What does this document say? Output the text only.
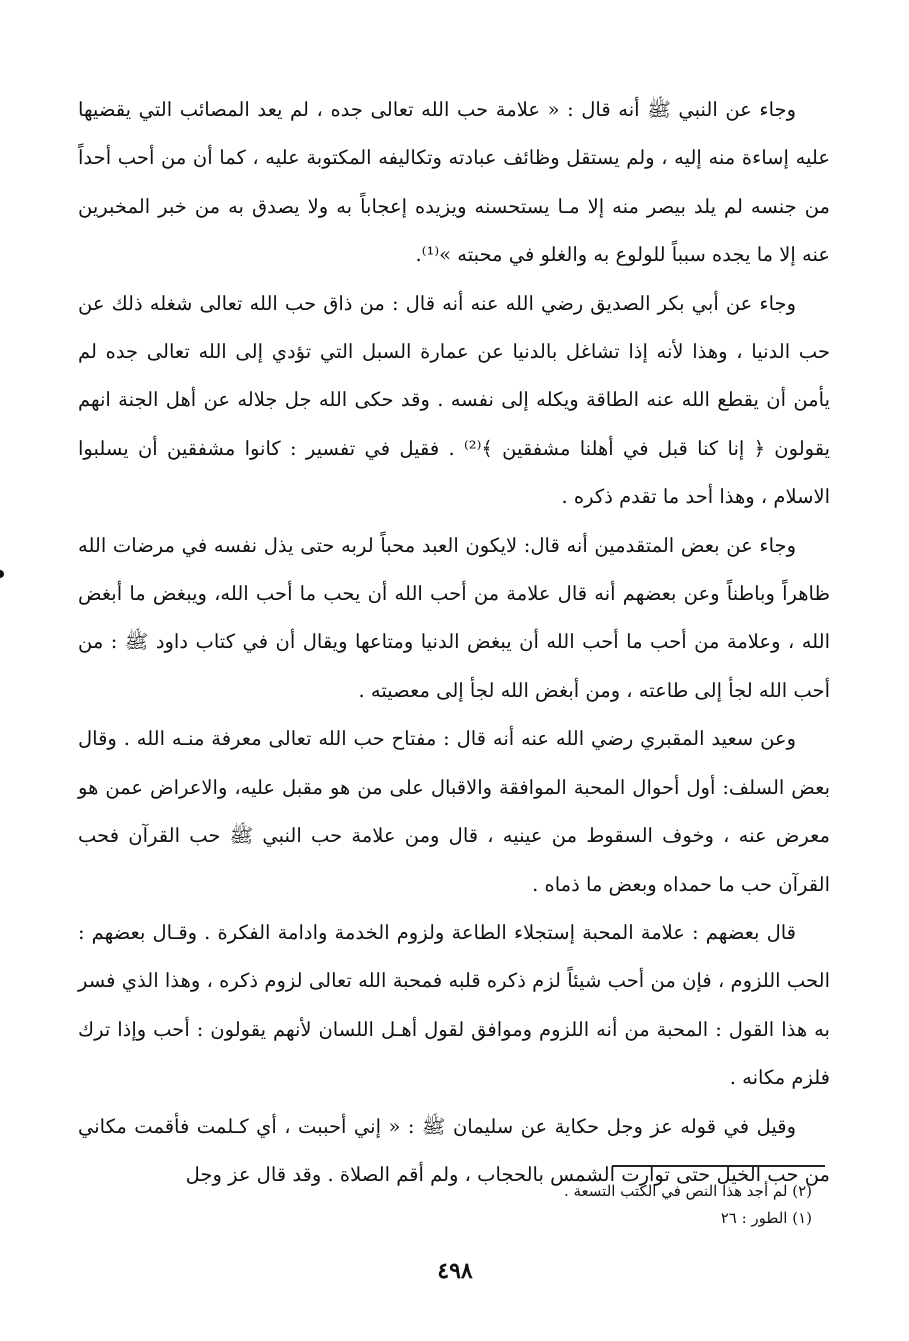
وجاء عن النبي ﷺ أنه قال : « علامة حب الله تعالى جده ، لم يعد المصائب التي يقضيها عليه إساءة منه إليه ، ولم يستقل وظائف عبادته وتكاليفه المكتوبة عليه ، كما أن من أحب أحداً من جنسه لم يلد بيصر منه إلا مـا يستحسنه ويزيده إعجاباً به ولا يصدق به من خبر المخبرين عنه إلا ما يجده سبباً للولوع به والغلو في محبته »⁽¹⁾.

وجاء عن أبي بكر الصديق رضي الله عنه أنه قال : من ذاق حب الله تعالى شغله ذلك عن حب الدنيا ، وهذا لأنه إذا تشاغل بالدنيا عن عمارة السبل التي تؤدي إلى الله تعالى جده لم يأمن أن يقطع الله عنه الطاقة ويكله إلى نفسه . وقد حكى الله جل جلاله عن أهل الجنة انهم يقولون ﴿ إنا كنا قبل في أهلنا مشفقين ﴾⁽²⁾ . فقيل في تفسير : كانوا مشفقين أن يسلبوا الاسلام ، وهذا أحد ما تقدم ذكره .

وجاء عن بعض المتقدمين أنه قال: لايكون العبد محباً لربه حتى يذل نفسه في مرضات الله ظاهراً وباطناً وعن بعضهم أنه قال علامة من أحب الله أن يحب ما أحب الله، ويبغض ما أبغض الله ، وعلامة من أحب ما أحب الله أن يبغض الدنيا ومتاعها ويقال أن في كتاب داود ﷺ : من أحب الله لجأ إلى طاعته ، ومن أبغض الله لجأ إلى معصيته .

وعن سعيد المقبري رضي الله عنه أنه قال : مفتاح حب الله تعالى معرفة منـه الله . وقال بعض السلف: أول أحوال المحبة الموافقة والاقبال على من هو مقبل عليه، والاعراض عمن هو معرض عنه ، وخوف السقوط من عينيه ، قال ومن علامة حب النبي ﷺ حب القرآن فحب القرآن حب ما حمداه وبعض ما ذماه .

قال بعضهم : علامة المحبة إستجلاء الطاعة ولزوم الخدمة وادامة الفكرة . وقـال بعضهم : الحب اللزوم ، فإن من أحب شيئاً لزم ذكره قلبه فمحبة الله تعالى لزوم ذكره ، وهذا الذي فسر به هذا القول : المحبة من أنه اللزوم وموافق لقول أهـل اللسان لأنهم يقولون : أحب وإذا ترك فلزم مكانه .

وقيل في قوله عز وجل حكاية عن سليمان ﷺ : « إني أحببت ، أي كـلمت فأقمت مكاني من حب الخيل حتى توارت الشمس بالحجاب ، ولم أقم الصلاة . وقد قال عز وجل

(٢) لم أجد هذا النص في الكتب التسعة .

(١) الطور : ٢٦

٤٩٨
